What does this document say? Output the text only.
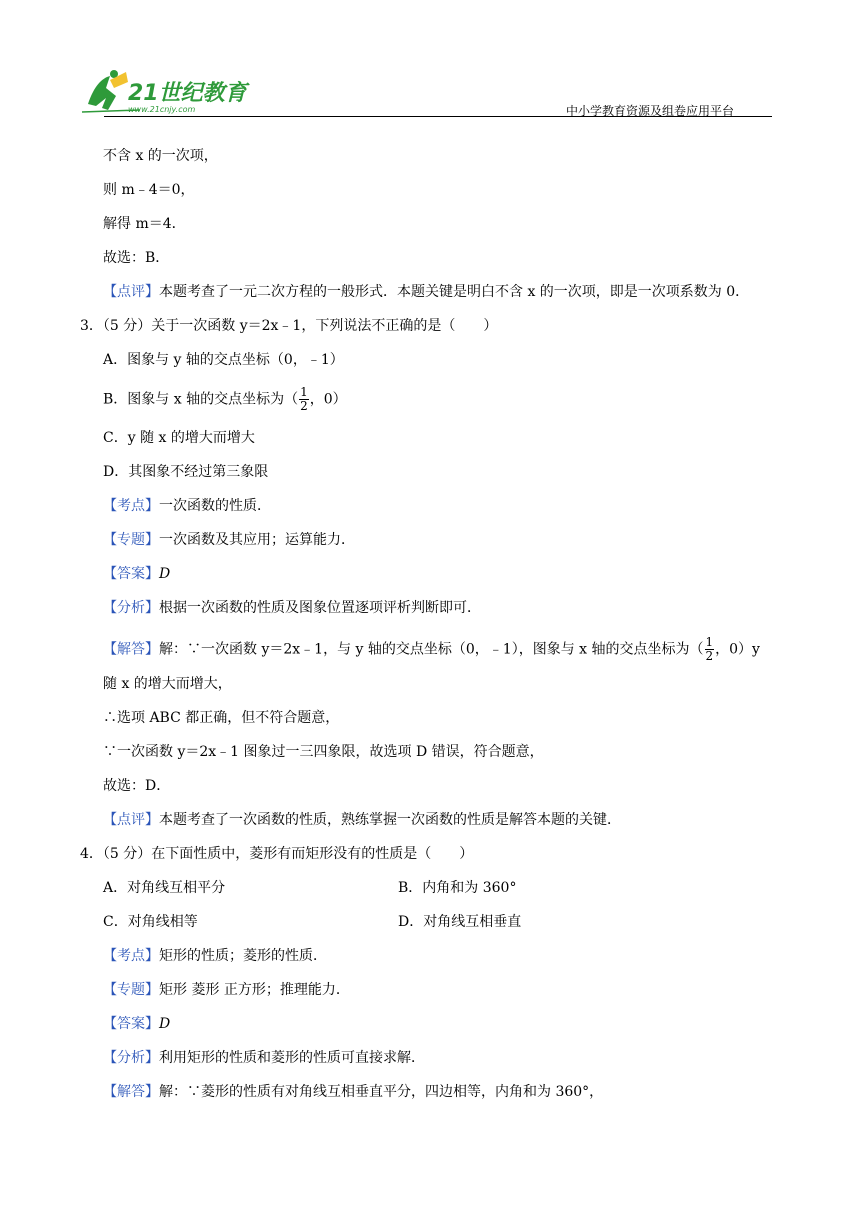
21世纪教育
www.21cnjy.com	中小学教育资源及组卷应用平台
不含 x 的一次项，
则 m﹣4＝0，
解得 m＝4．
故选：B．
【点评】本题考查了一元二次方程的一般形式．本题关键是明白不含 x 的一次项，即是一次项系数为 0．
3．（5 分）关于一次函数 y＝2x﹣1，下列说法不正确的是（　　）
A．图象与 y 轴的交点坐标（0，﹣1）
B．图象与 x 轴的交点坐标为（ $\frac{1}{2}$ ，0）
C．y 随 x 的增大而增大
D．其图象不经过第三象限
【考点】一次函数的性质．
【专题】一次函数及其应用；运算能力．
【答案】D
【分析】根据一次函数的性质及图象位置逐项评析判断即可．
【解答】解：∵一次函数 y＝2x﹣1，与 y 轴的交点坐标（0，﹣1），图象与 x 轴的交点坐标为（ $\frac{1}{2}$ ，0）y
随 x 的增大而增大，
∴选项 ABC 都正确，但不符合题意，
∵一次函数 y＝2x﹣1 图象过一三四象限，故选项 D 错误，符合题意，
故选：D．
【点评】本题考查了一次函数的性质，熟练掌握一次函数的性质是解答本题的关键．
4．（5 分）在下面性质中，菱形有而矩形没有的性质是（　　）
A．对角线互相平分	B．内角和为 360°
C．对角线相等	D．对角线互相垂直
【考点】矩形的性质；菱形的性质．
【专题】矩形 菱形 正方形；推理能力．
【答案】D
【分析】利用矩形的性质和菱形的性质可直接求解．
【解答】解：∵菱形的性质有对角线互相垂直平分，四边相等，内角和为 360°，
